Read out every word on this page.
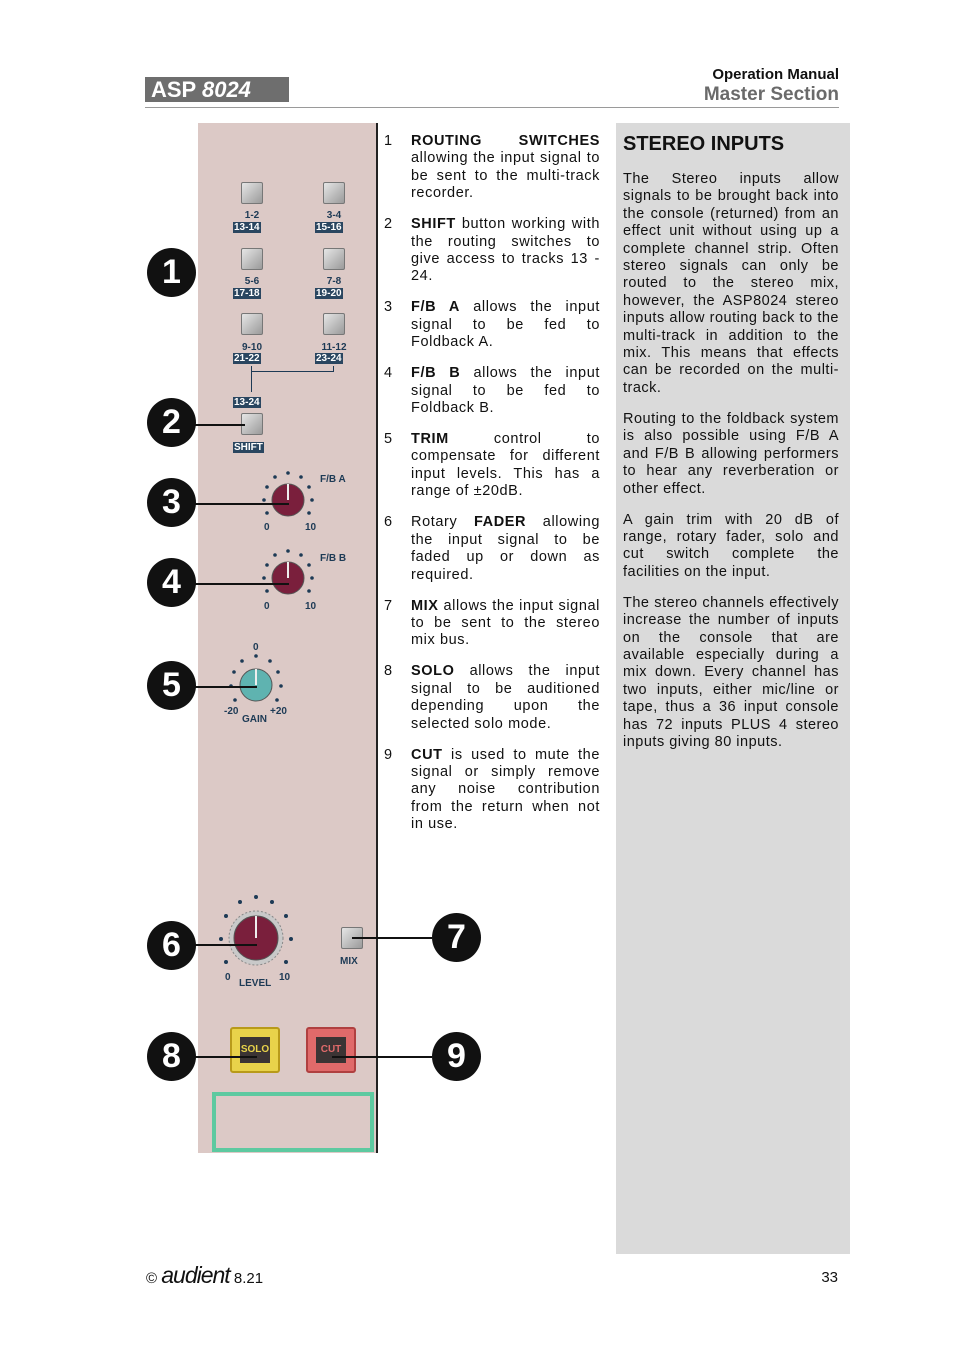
ASP 8024
Operation Manual
Master Section
1-2
13-14
3-4
15-16
5-6
17-18
7-8
19-20
9-10
21-22
11-12
23-24
13-24
SHIFT
F/B A
0	10
F/B B
0	10
0
-20	+20
GAIN
0	10
LEVEL
MIX
SOLO	CUT
1
2
3
4
5
6	7
8	9
1	ROUTING SWITCHES allowing the input signal to be sent to the multi-track recorder.
2	SHIFT button working with the routing switches to give access to tracks 13 - 24.
3	F/B A allows the input signal to be fed to Foldback A.
4	F/B B allows the input signal to be fed to Foldback B.
5	TRIM control to compensate for different input levels. This has a range of ±20dB.
6	Rotary FADER allowing the input signal to be faded up or down as required.
7	MIX allows the input signal to be sent to the stereo mix bus.
8	SOLO allows the input signal to be auditioned depending upon the selected solo mode.
9	CUT is used to mute the signal or simply remove any noise contribution from the return when not in use.
STEREO INPUTS

The Stereo inputs allow signals to be brought back into the console (returned) from an effect unit without using up a complete channel strip. Often stereo signals can only be routed to the stereo mix, however, the ASP8024 stereo inputs allow routing back to the multi-track in addition to the mix. This means that effects can be recorded on the multi-track.

Routing to the foldback system is also possible using F/B A and F/B B allowing performers to hear any reverberation or other effect.

A gain trim with 20 dB of range, rotary fader, solo and cut switch complete the facilities on the input.

The stereo channels effectively increase the number of inputs on the console that are available especially during a mix down. Every channel has two inputs, either mic/line or tape, thus a 36 input console has 72 inputs PLUS 4 stereo inputs giving 80 inputs.

© audient 8.21	33
